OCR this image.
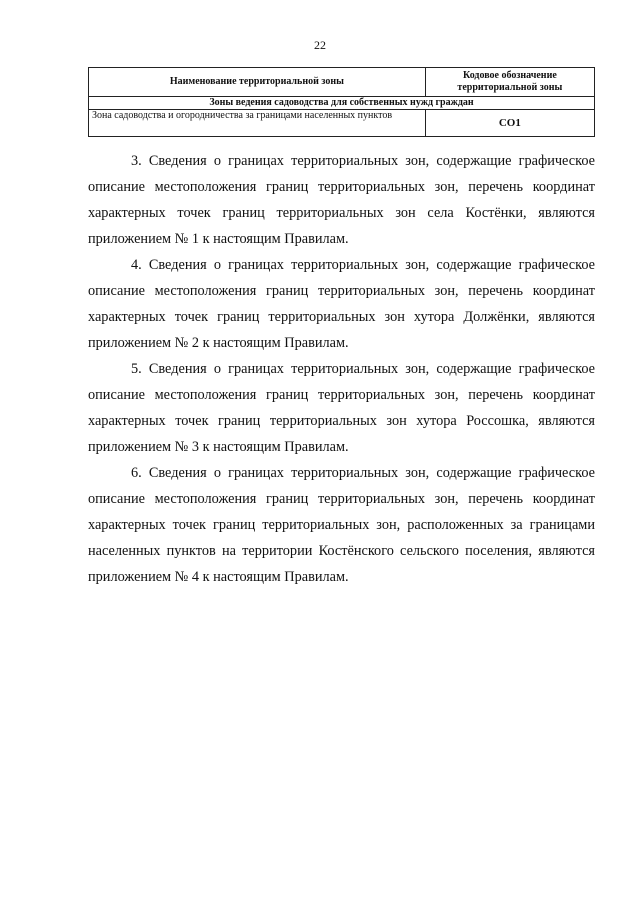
22
Наименование территориальной зоны	Кодовое обозначение территориальной зоны
Зоны ведения садоводства для собственных нужд граждан	
Зона садоводства и огородничества за границами населенных пунктов	СО1

3. Сведения о границах территориальных зон, содержащие графическое описание местоположения границ территориальных зон, перечень координат характерных точек границ территориальных зон села Костёнки, являются приложением № 1 к настоящим Правилам.

4. Сведения о границах территориальных зон, содержащие графическое описание местоположения границ территориальных зон, перечень координат характерных точек границ территориальных зон хутора Должёнки, являются приложением № 2 к настоящим Правилам.

5. Сведения о границах территориальных зон, содержащие графическое описание местоположения границ территориальных зон, перечень координат характерных точек границ территориальных зон хутора Россошка, являются приложением № 3 к настоящим Правилам.

6. Сведения о границах территориальных зон, содержащие графическое описание местоположения границ территориальных зон, перечень координат характерных точек границ территориальных зон, расположенных за границами населенных пунктов на территории Костёнского сельского поселения, являются приложением № 4 к настоящим Правилам.
